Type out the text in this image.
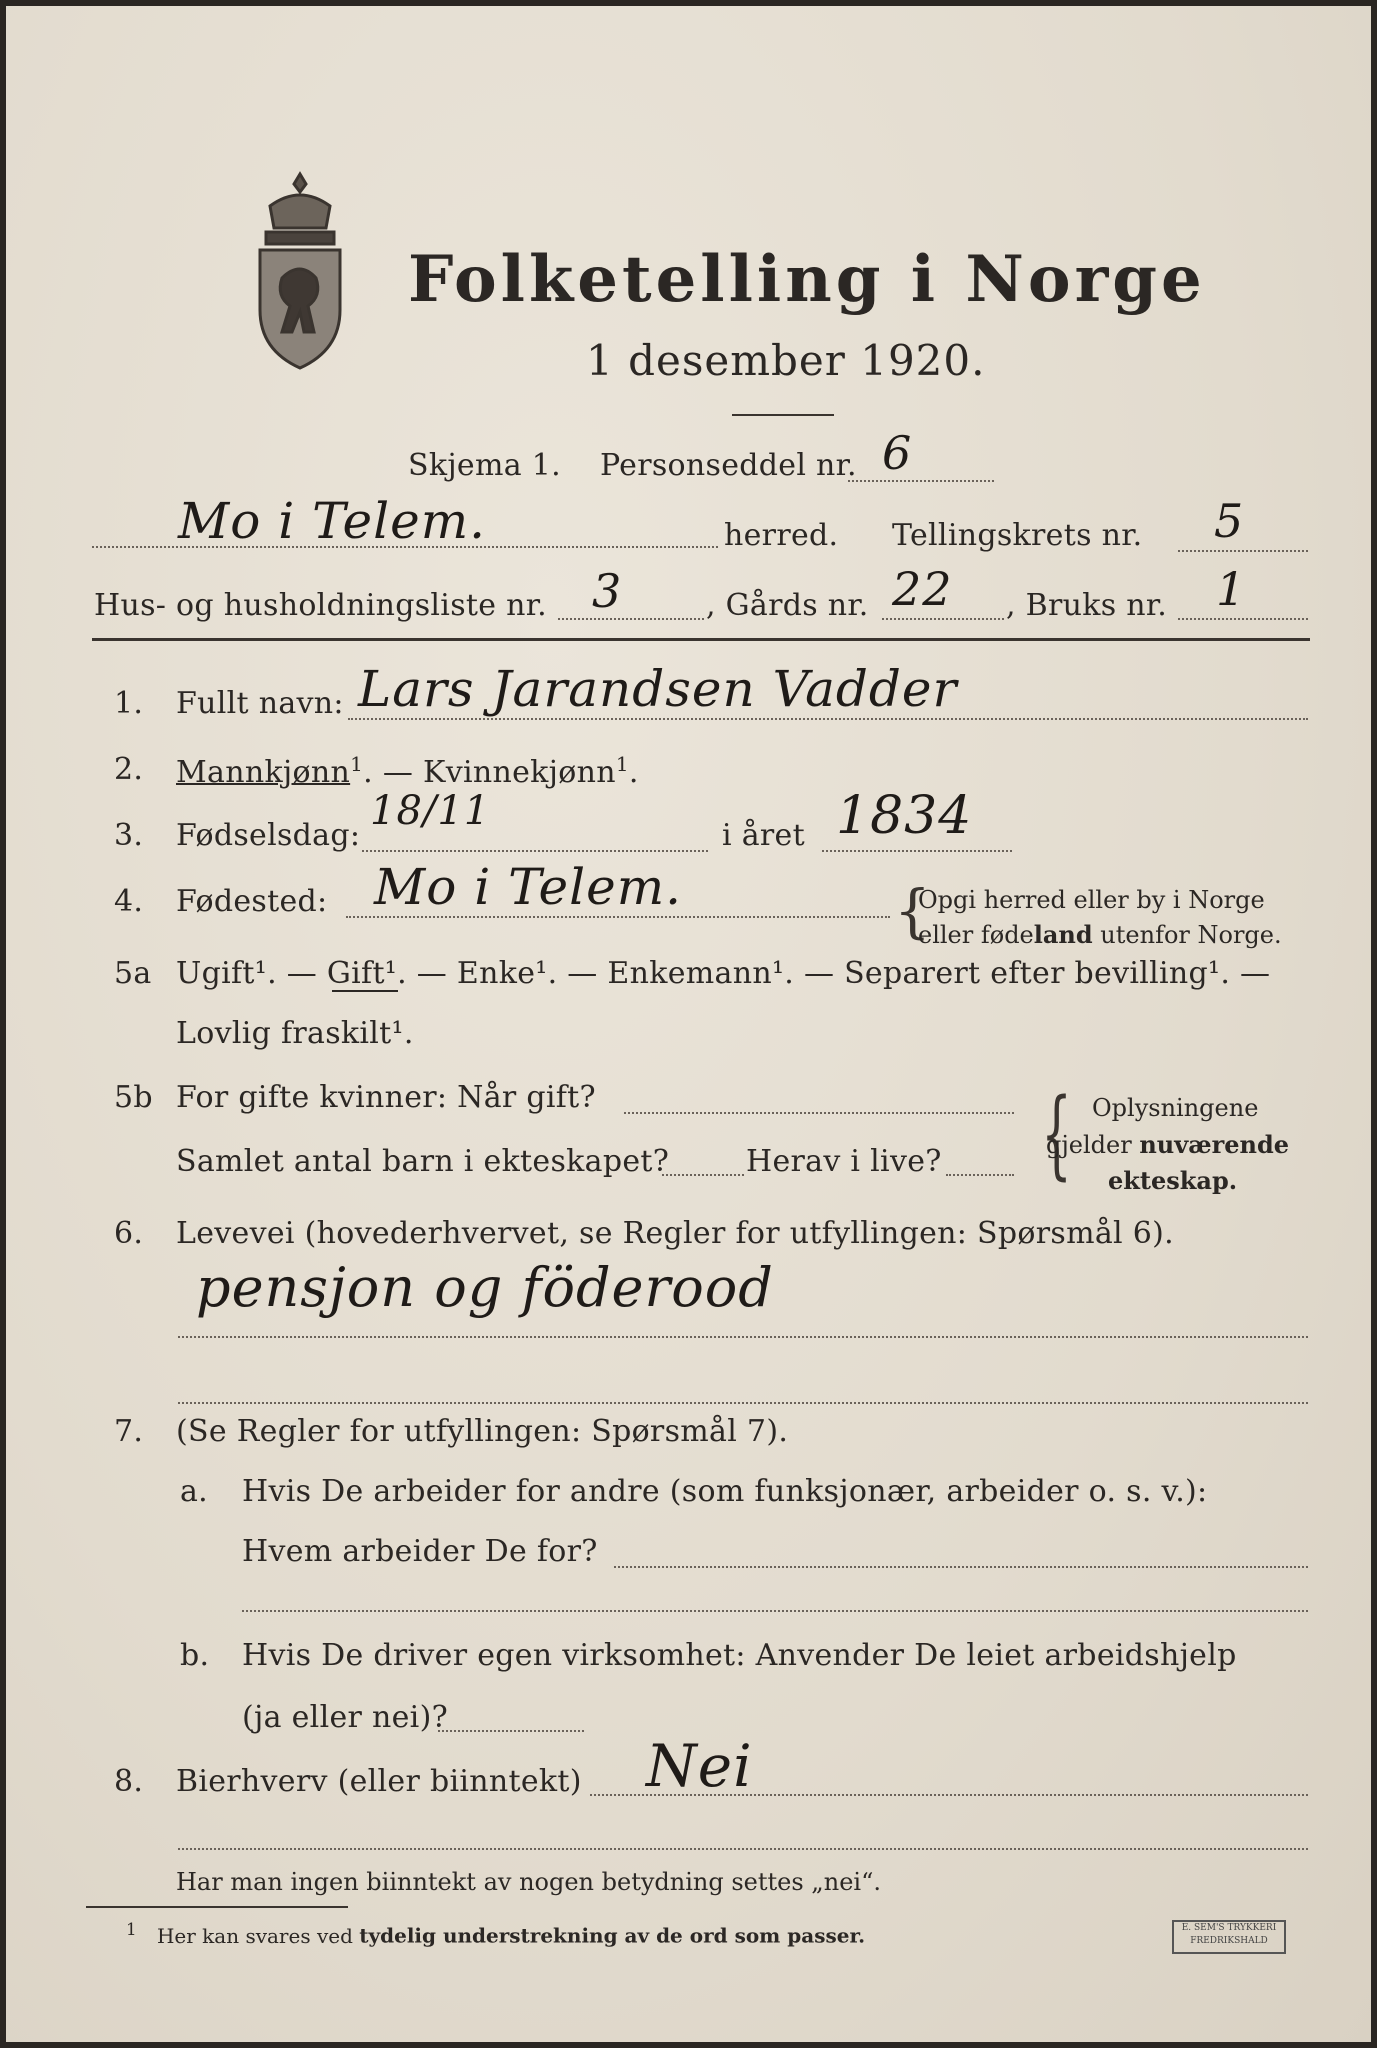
Folketelling i Norge
1 desember 1920.
Skjema 1. Personseddel nr. 6
Mo i Telem.	herred. Tellingskrets nr. 5
Hus- og husholdningsliste nr. 3	, Gårds nr. 22 , Bruks nr. 1
1. Fullt navn: Lars Jarandsen Vadder
2. Mannkjønn$^1$. — Kvinnekjønn$^1$.
3. Fødselsdag:
18/11
i året 1834
4. Fødested: Mo i Telem.	{
Opgi herred eller by i Norge
eller fødeland utenfor Norge.
5a Ugift¹. — Gift¹. — Enke¹. — Enkemann¹. — Separert efter bevilling¹. —
Lovlig fraskilt¹.
5b For gifte kvinner: Når gift?
Samlet antal barn i ekteskapet?	Herav i live? { Oplysningene
gjelder nuværende
ekteskap.
6. Levevei (hovederhvervet, se Regler for utfyllingen: Spørsmål 6).
pensjon og föderood
7. (Se Regler for utfyllingen: Spørsmål 7).
a. Hvis De arbeider for andre (som funksjonær, arbeider o. s. v.):
Hvem arbeider De for?
b. Hvis De driver egen virksomhet: Anvender De leiet arbeidshjelp
(ja eller nei)?
8. Bierhverv (eller biinntekt) Nei
Har man ingen biinntekt av nogen betydning settes „nei“.
$^1$ Her kan svares ved tydelig understrekning av de ord som passer.	E. SEM'S TRYKKERI
FREDRIKSHALD
